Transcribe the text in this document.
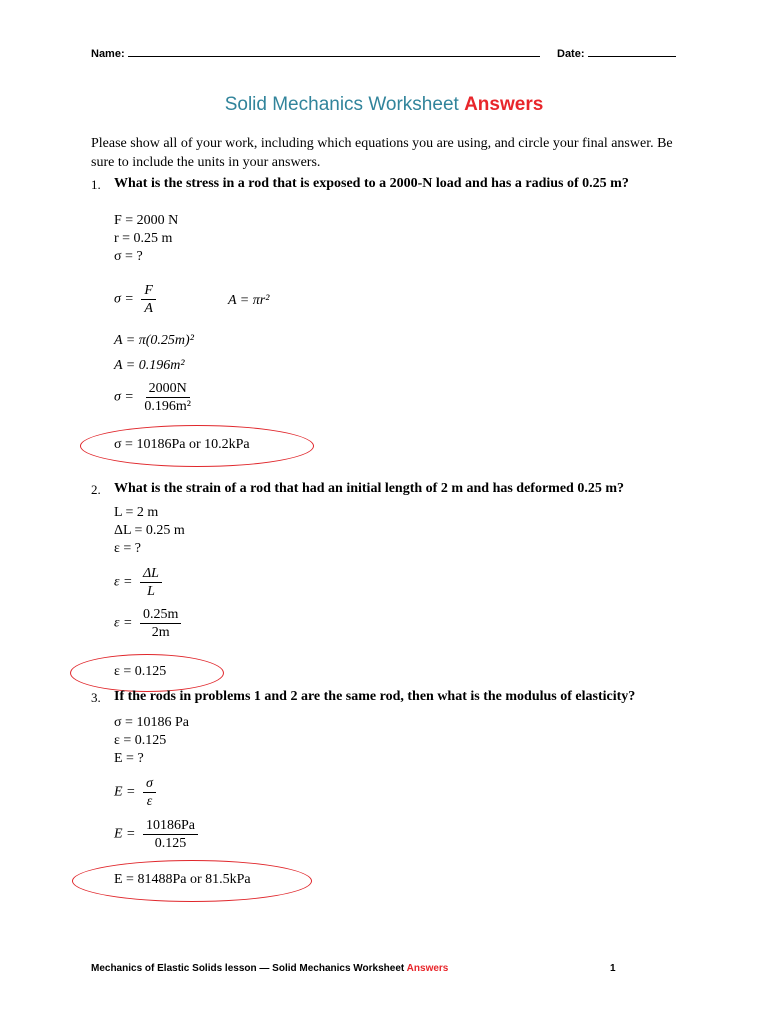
Name:	Date:
Solid Mechanics Worksheet Answers
Please show all of your work, including which equations you are using, and circle your final answer. Be sure to include the units in your answers.
1. What is the stress in a rod that is exposed to a 2000-N load and has a radius of 0.25 m?
F = 2000 N
r = 0.25 m
σ = ?
$\sigma = \frac{F}{A}$	A = πr²
A = π(0.25m)²
A = 0.196m²
$\sigma = \frac{2000N}{\text{0.196m²}}$
σ = 10186Pa or 10.2kPa
2. What is the strain of a rod that had an initial length of 2 m and has deformed 0.25 m?
L = 2 m
ΔL = 0.25 m
ε = ?
$\varepsilon = \frac{\Delta L}{L}$
$\varepsilon = \frac{0.25m}{2m}$
ε = 0.125
3. If the rods in problems 1 and 2 are the same rod, then what is the modulus of elasticity?
σ = 10186 Pa
ε = 0.125
E = ?
$E = \frac{\sigma}{\varepsilon}$
$E = \frac{10186Pa}{0.125}$
E = 81488Pa or 81.5kPa
Mechanics of Elastic Solids lesson — Solid Mechanics Worksheet Answers	1
